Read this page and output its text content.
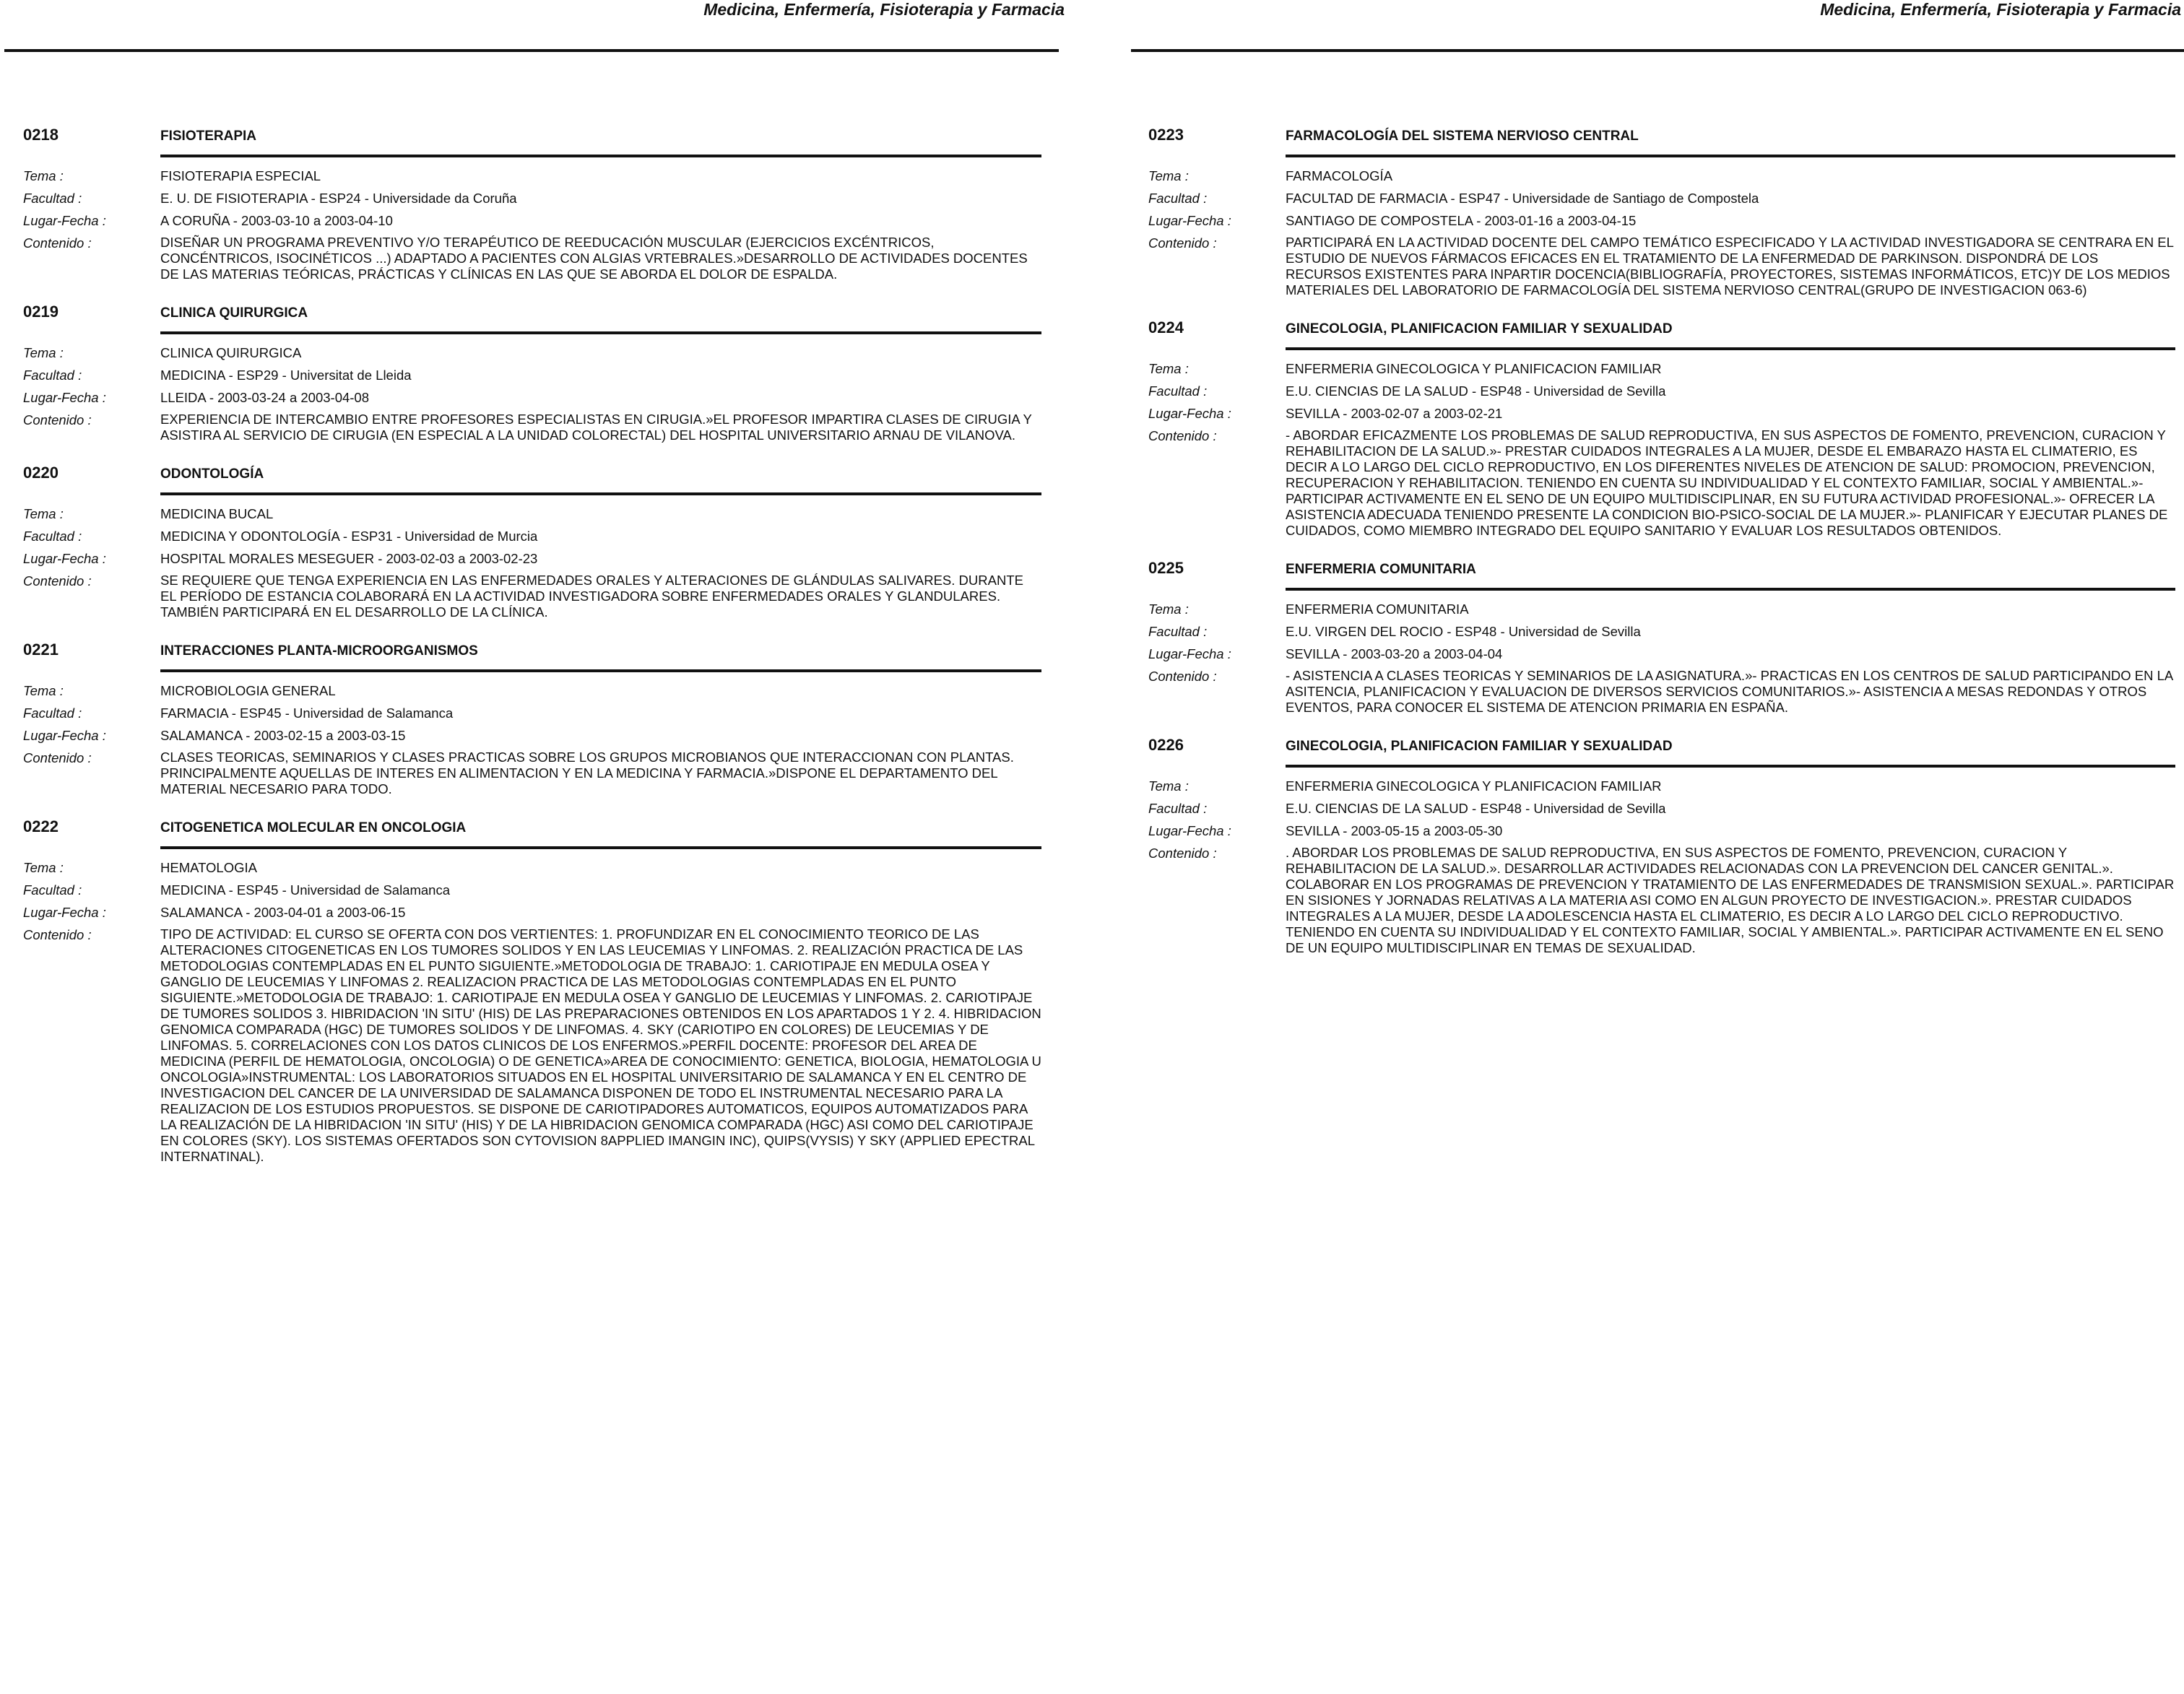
Medicina, Enfermería, Fisioterapia y Farmacia
0218	FISIOTERAPIA
Tema :	FISIOTERAPIA ESPECIAL
Facultad :	E. U. DE FISIOTERAPIA - ESP24 - Universidade da Coruña
Lugar-Fecha :	A CORUÑA - 2003-03-10 a 2003-04-10
Contenido :	DISEÑAR UN PROGRAMA PREVENTIVO Y/O TERAPÉUTICO DE REEDUCACIÓN MUSCULAR (EJERCICIOS EXCÉNTRICOS, CONCÉNTRICOS, ISOCINÉTICOS ...) ADAPTADO A PACIENTES CON ALGIAS VRTEBRALES.»DESARROLLO DE ACTIVIDADES DOCENTES DE LAS MATERIAS TEÓRICAS, PRÁCTICAS Y CLÍNICAS EN LAS QUE SE ABORDA EL DOLOR DE ESPALDA.
0219	CLINICA QUIRURGICA
Tema :	CLINICA QUIRURGICA
Facultad :	MEDICINA - ESP29 - Universitat de Lleida
Lugar-Fecha :	LLEIDA - 2003-03-24 a 2003-04-08
Contenido :	EXPERIENCIA DE INTERCAMBIO ENTRE PROFESORES ESPECIALISTAS EN CIRUGIA.»EL PROFESOR IMPARTIRA CLASES DE CIRUGIA Y ASISTIRA AL SERVICIO DE CIRUGIA (EN ESPECIAL A LA UNIDAD COLORECTAL) DEL HOSPITAL UNIVERSITARIO ARNAU DE VILANOVA.
0220	ODONTOLOGÍA
Tema :	MEDICINA BUCAL
Facultad :	MEDICINA Y ODONTOLOGÍA - ESP31 - Universidad de Murcia
Lugar-Fecha :	HOSPITAL MORALES MESEGUER - 2003-02-03 a 2003-02-23
Contenido :	SE REQUIERE QUE TENGA EXPERIENCIA EN LAS ENFERMEDADES ORALES Y ALTERACIONES DE GLÁNDULAS SALIVARES. DURANTE EL PERÍODO DE ESTANCIA COLABORARÁ EN LA ACTIVIDAD INVESTIGADORA SOBRE ENFERMEDADES ORALES Y GLANDULARES. TAMBIÉN PARTICIPARÁ EN EL DESARROLLO DE LA CLÍNICA.
0221	INTERACCIONES PLANTA-MICROORGANISMOS
Tema :	MICROBIOLOGIA GENERAL
Facultad :	FARMACIA - ESP45 - Universidad de Salamanca
Lugar-Fecha :	SALAMANCA - 2003-02-15 a 2003-03-15
Contenido :	CLASES TEORICAS, SEMINARIOS Y CLASES PRACTICAS SOBRE LOS GRUPOS MICROBIANOS QUE INTERACCIONAN CON PLANTAS. PRINCIPALMENTE AQUELLAS DE INTERES EN ALIMENTACION Y EN LA MEDICINA Y FARMACIA.»DISPONE EL DEPARTAMENTO DEL MATERIAL NECESARIO PARA TODO.
0222	CITOGENETICA MOLECULAR EN ONCOLOGIA
Tema :	HEMATOLOGIA
Facultad :	MEDICINA - ESP45 - Universidad de Salamanca
Lugar-Fecha :	SALAMANCA - 2003-04-01 a 2003-06-15
Contenido :	TIPO DE ACTIVIDAD: EL CURSO SE OFERTA CON DOS VERTIENTES: 1. PROFUNDIZAR EN EL CONOCIMIENTO TEORICO DE LAS ALTERACIONES CITOGENETICAS EN LOS TUMORES SOLIDOS Y EN LAS LEUCEMIAS Y LINFOMAS. 2. REALIZACIÓN PRACTICA DE LAS METODOLOGIAS CONTEMPLADAS EN EL PUNTO SIGUIENTE.»METODOLOGIA DE TRABAJO: 1. CARIOTIPAJE EN MEDULA OSEA Y GANGLIO DE LEUCEMIAS Y LINFOMAS 2. REALIZACION PRACTICA DE LAS METODOLOGIAS CONTEMPLADAS EN EL PUNTO SIGUIENTE.»METODOLOGIA DE TRABAJO: 1. CARIOTIPAJE EN MEDULA OSEA Y GANGLIO DE LEUCEMIAS Y LINFOMAS. 2. CARIOTIPAJE DE TUMORES SOLIDOS 3. HIBRIDACION 'IN SITU' (HIS) DE LAS PREPARACIONES OBTENIDOS EN LOS APARTADOS 1 Y 2. 4. HIBRIDACION GENOMICA COMPARADA (HGC) DE TUMORES SOLIDOS Y DE LINFOMAS. 4. SKY (CARIOTIPO EN COLORES) DE LEUCEMIAS Y DE LINFOMAS. 5. CORRELACIONES CON LOS DATOS CLINICOS DE LOS ENFERMOS.»PERFIL DOCENTE: PROFESOR DEL AREA DE MEDICINA (PERFIL DE HEMATOLOGIA, ONCOLOGIA) O DE GENETICA»AREA DE CONOCIMIENTO: GENETICA, BIOLOGIA, HEMATOLOGIA U ONCOLOGIA»INSTRUMENTAL: LOS LABORATORIOS SITUADOS EN EL HOSPITAL UNIVERSITARIO DE SALAMANCA Y EN EL CENTRO DE INVESTIGACION DEL CANCER DE LA UNIVERSIDAD DE SALAMANCA DISPONEN DE TODO EL INSTRUMENTAL NECESARIO PARA LA REALIZACION DE LOS ESTUDIOS PROPUESTOS. SE DISPONE DE CARIOTIPADORES AUTOMATICOS, EQUIPOS AUTOMATIZADOS PARA LA REALIZACIÓN DE LA HIBRIDACION 'IN SITU' (HIS) Y DE LA HIBRIDACION GENOMICA COMPARADA (HGC) ASI COMO DEL CARIOTIPAJE EN COLORES (SKY). LOS SISTEMAS OFERTADOS SON CYTOVISION 8APPLIED IMANGIN INC), QUIPS(VYSIS) Y SKY (APPLIED EPECTRAL INTERNATINAL).
Medicina, Enfermería, Fisioterapia y Farmacia
0223	FARMACOLOGÍA DEL SISTEMA NERVIOSO CENTRAL
Tema :	FARMACOLOGÍA
Facultad :	FACULTAD DE FARMACIA - ESP47 - Universidade de Santiago de Compostela
Lugar-Fecha :	SANTIAGO DE COMPOSTELA - 2003-01-16 a 2003-04-15
Contenido :	PARTICIPARÁ EN LA ACTIVIDAD DOCENTE DEL CAMPO TEMÁTICO ESPECIFICADO Y LA ACTIVIDAD INVESTIGADORA SE CENTRARA EN EL ESTUDIO DE NUEVOS FÁRMACOS EFICACES EN EL TRATAMIENTO DE LA ENFERMEDAD DE PARKINSON. DISPONDRÁ DE LOS RECURSOS EXISTENTES PARA INPARTIR DOCENCIA(BIBLIOGRAFÍA, PROYECTORES, SISTEMAS INFORMÁTICOS, ETC)Y DE LOS MEDIOS MATERIALES DEL LABORATORIO DE FARMACOLOGÍA DEL SISTEMA NERVIOSO CENTRAL(GRUPO DE INVESTIGACION 063-6)
0224	GINECOLOGIA, PLANIFICACION FAMILIAR Y SEXUALIDAD
Tema :	ENFERMERIA GINECOLOGICA Y PLANIFICACION FAMILIAR
Facultad :	E.U. CIENCIAS DE LA SALUD - ESP48 - Universidad de Sevilla
Lugar-Fecha :	SEVILLA - 2003-02-07 a 2003-02-21
Contenido :	- ABORDAR EFICAZMENTE LOS PROBLEMAS DE SALUD REPRODUCTIVA, EN SUS ASPECTOS DE FOMENTO, PREVENCION, CURACION Y REHABILITACION DE LA SALUD.»- PRESTAR CUIDADOS INTEGRALES A LA MUJER, DESDE EL EMBARAZO HASTA EL CLIMATERIO, ES DECIR A LO LARGO DEL CICLO REPRODUCTIVO, EN LOS DIFERENTES NIVELES DE ATENCION DE SALUD: PROMOCION, PREVENCION, RECUPERACION Y REHABILITACION. TENIENDO EN CUENTA SU INDIVIDUALIDAD Y EL CONTEXTO FAMILIAR, SOCIAL Y AMBIENTAL.»- PARTICIPAR ACTIVAMENTE EN EL SENO DE UN EQUIPO MULTIDISCIPLINAR, EN SU FUTURA ACTIVIDAD PROFESIONAL.»- OFRECER LA ASISTENCIA ADECUADA TENIENDO PRESENTE LA CONDICION BIO-PSICO-SOCIAL DE LA MUJER.»- PLANIFICAR Y EJECUTAR PLANES DE CUIDADOS, COMO MIEMBRO INTEGRADO DEL EQUIPO SANITARIO Y EVALUAR LOS RESULTADOS OBTENIDOS.
0225	ENFERMERIA COMUNITARIA
Tema :	ENFERMERIA COMUNITARIA
Facultad :	E.U. VIRGEN DEL ROCIO - ESP48 - Universidad de Sevilla
Lugar-Fecha :	SEVILLA - 2003-03-20 a 2003-04-04
Contenido :	- ASISTENCIA A CLASES TEORICAS Y SEMINARIOS DE LA ASIGNATURA.»- PRACTICAS EN LOS CENTROS DE SALUD PARTICIPANDO EN LA ASITENCIA, PLANIFICACION Y EVALUACION DE DIVERSOS SERVICIOS COMUNITARIOS.»- ASISTENCIA A MESAS REDONDAS Y OTROS EVENTOS, PARA CONOCER EL SISTEMA DE ATENCION PRIMARIA EN ESPAÑA.
0226	GINECOLOGIA, PLANIFICACION FAMILIAR Y SEXUALIDAD
Tema :	ENFERMERIA GINECOLOGICA Y PLANIFICACION FAMILIAR
Facultad :	E.U. CIENCIAS DE LA SALUD - ESP48 - Universidad de Sevilla
Lugar-Fecha :	SEVILLA - 2003-05-15 a 2003-05-30
Contenido :	. ABORDAR LOS PROBLEMAS DE SALUD REPRODUCTIVA, EN SUS ASPECTOS DE FOMENTO, PREVENCION, CURACION Y REHABILITACION DE LA SALUD.». DESARROLLAR ACTIVIDADES RELACIONADAS CON LA PREVENCION DEL CANCER GENITAL.». COLABORAR EN LOS PROGRAMAS DE PREVENCION Y TRATAMIENTO DE LAS ENFERMEDADES DE TRANSMISION SEXUAL.». PARTICIPAR EN SISIONES Y JORNADAS RELATIVAS A LA MATERIA ASI COMO EN ALGUN PROYECTO DE INVESTIGACION.». PRESTAR CUIDADOS INTEGRALES A LA MUJER, DESDE LA ADOLESCENCIA HASTA EL CLIMATERIO, ES DECIR A LO LARGO DEL CICLO REPRODUCTIVO. TENIENDO EN CUENTA SU INDIVIDUALIDAD Y EL CONTEXTO FAMILIAR, SOCIAL Y AMBIENTAL.». PARTICIPAR ACTIVAMENTE EN EL SENO DE UN EQUIPO MULTIDISCIPLINAR EN TEMAS DE SEXUALIDAD.
